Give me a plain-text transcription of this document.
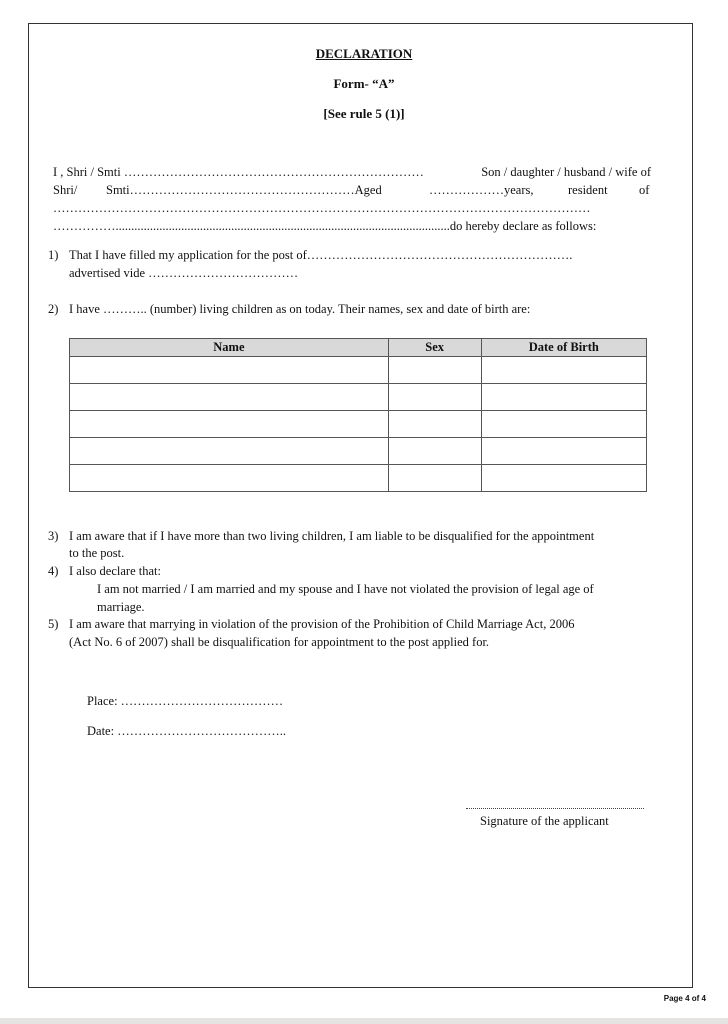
DECLARATION
Form- “A”
[See rule 5 (1)]
I , Shri / Smti ………………………………………………………………	Son / daughter / husband / wife of
Shri/ Smti………………………………………………Aged	………………years,	resident	of
…………………………………………………………………………………………………………………
……………...........................................................................................................do hereby declare as follows:
1) That I have filled my application for the post of……………………………………………………….
advertised vide ………………………………
2) I have ……….. (number) living children as on today. Their names, sex and date of birth are:
Name	Sex	Date of Birth

3) I am aware that if I have more than two living children, I am liable to be disqualified for the appointment
to the post.
4) I also declare that:
I am not married / I am married and my spouse and I have not violated the provision of legal age of
marriage.
5) I am aware that marrying in violation of the provision of the Prohibition of Child Marriage Act, 2006
(Act No. 6 of 2007) shall be disqualification for appointment to the post applied for.
Place: …………………………………
Date: …………………………………..
Signature of the applicant
Page 4 of 4
